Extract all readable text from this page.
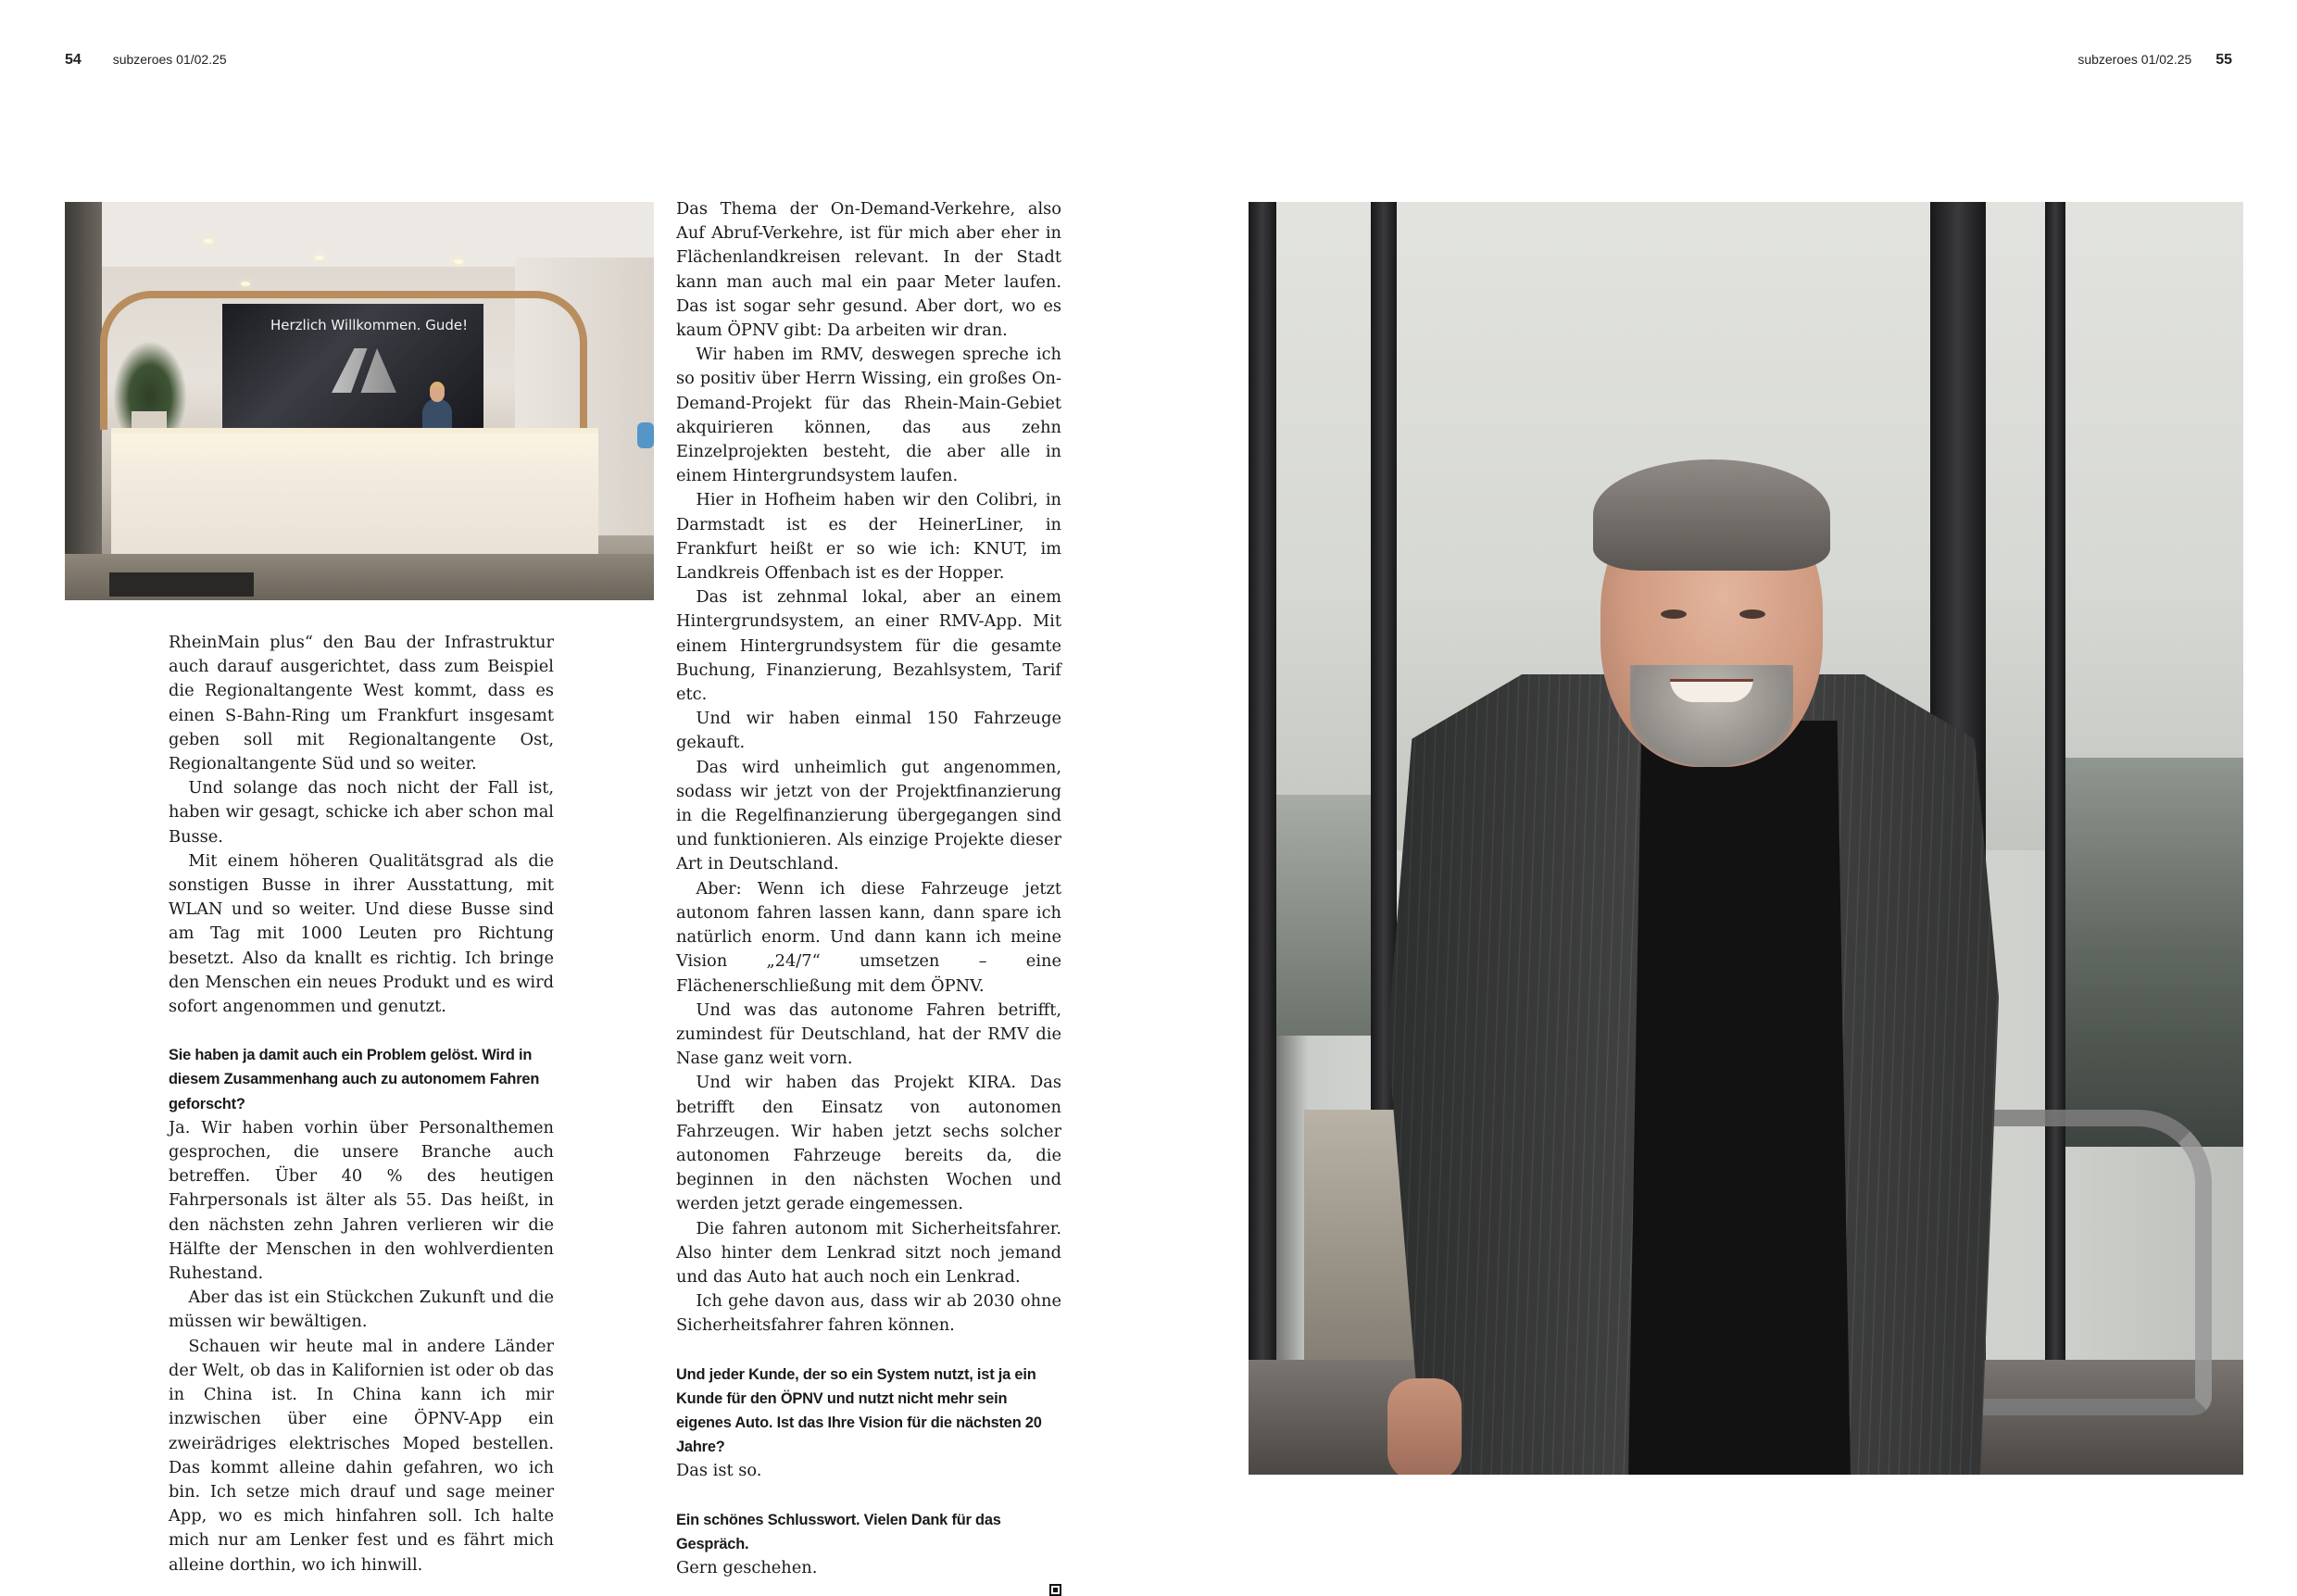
54 subzeroes 01/02.25	subzeroes 01/02.25 55
Herzlich Willkommen. Gude!

RheinMain plus“ den Bau der Infrastruktur auch darauf ausgerichtet, dass zum Beispiel die Regionaltangente West kommt, dass es einen S-Bahn-Ring um Frankfurt insgesamt geben soll mit Regionaltangente Ost, Regionaltangente Süd und so weiter.

Und solange das noch nicht der Fall ist, haben wir gesagt, schicke ich aber schon mal Busse.

Mit einem höheren Qualitätsgrad als die sonstigen Busse in ihrer Ausstattung, mit WLAN und so weiter. Und diese Busse sind am Tag mit 1000 Leuten pro Richtung besetzt. Also da knallt es richtig. Ich bringe den Menschen ein neues Produkt und es wird sofort angenommen und genutzt.

Sie haben ja damit auch ein Problem gelöst. Wird in diesem Zusammenhang auch zu autonomem Fahren geforscht?

Ja. Wir haben vorhin über Personalthemen gesprochen, die unsere Branche auch betreffen. Über 40 % des heutigen Fahrpersonals ist älter als 55. Das heißt, in den nächsten zehn Jahren verlieren wir die Hälfte der Menschen in den wohlverdienten Ruhestand.

Aber das ist ein Stückchen Zukunft und die müssen wir bewältigen.

Schauen wir heute mal in andere Länder der Welt, ob das in Kalifornien ist oder ob das in China ist. In China kann ich mir inzwischen über eine ÖPNV-App ein zweirädriges elektrisches Moped bestellen. Das kommt alleine dahin gefahren, wo ich bin. Ich setze mich drauf und sage meiner App, wo es mich hinfahren soll. Ich halte mich nur am Lenker fest und es fährt mich alleine dorthin, wo ich hinwill.

Das Thema der On-Demand-Verkehre, also Auf Abruf-Verkehre, ist für mich aber eher in Flächenlandkreisen relevant. In der Stadt kann man auch mal ein paar Meter laufen. Das ist sogar sehr gesund. Aber dort, wo es kaum ÖPNV gibt: Da arbeiten wir dran.

Wir haben im RMV, deswegen spreche ich so positiv über Herrn Wissing, ein großes On-Demand-Projekt für das Rhein-Main-Gebiet akquirieren können, das aus zehn Einzelprojekten besteht, die aber alle in einem Hintergrundsystem laufen.

Hier in Hofheim haben wir den Colibri, in Darmstadt ist es der HeinerLiner, in Frankfurt heißt er so wie ich: KNUT, im Landkreis Offenbach ist es der Hopper.

Das ist zehnmal lokal, aber an einem Hintergrundsystem, an einer RMV-App. Mit einem Hintergrundsystem für die gesamte Buchung, Finanzierung, Bezahlsystem, Tarif etc.

Und wir haben einmal 150 Fahrzeuge gekauft.

Das wird unheimlich gut angenommen, sodass wir jetzt von der Projektfinanzierung in die Regelfinanzierung übergegangen sind und funktionieren. Als einzige Projekte dieser Art in Deutschland.

Aber: Wenn ich diese Fahrzeuge jetzt autonom fahren lassen kann, dann spare ich natürlich enorm. Und dann kann ich meine Vision „24/7“ umsetzen – eine Flächenerschließung mit dem ÖPNV.

Und was das autonome Fahren betrifft, zumindest für Deutschland, hat der RMV die Nase ganz weit vorn.

Und wir haben das Projekt KIRA. Das betrifft den Einsatz von autonomen Fahrzeugen. Wir haben jetzt sechs solcher autonomen Fahrzeuge bereits da, die beginnen in den nächsten Wochen und werden jetzt gerade eingemessen.

Die fahren autonom mit Sicherheitsfahrer. Also hinter dem Lenkrad sitzt noch jemand und das Auto hat auch noch ein Lenkrad.

Ich gehe davon aus, dass wir ab 2030 ohne Sicherheitsfahrer fahren können.

Und jeder Kunde, der so ein System nutzt, ist ja ein Kunde für den ÖPNV und nutzt nicht mehr sein eigenes Auto. Ist das Ihre Vision für die nächsten 20 Jahre?

Das ist so.

Ein schönes Schlusswort. Vielen Dank für das Gespräch.

Gern geschehen.
